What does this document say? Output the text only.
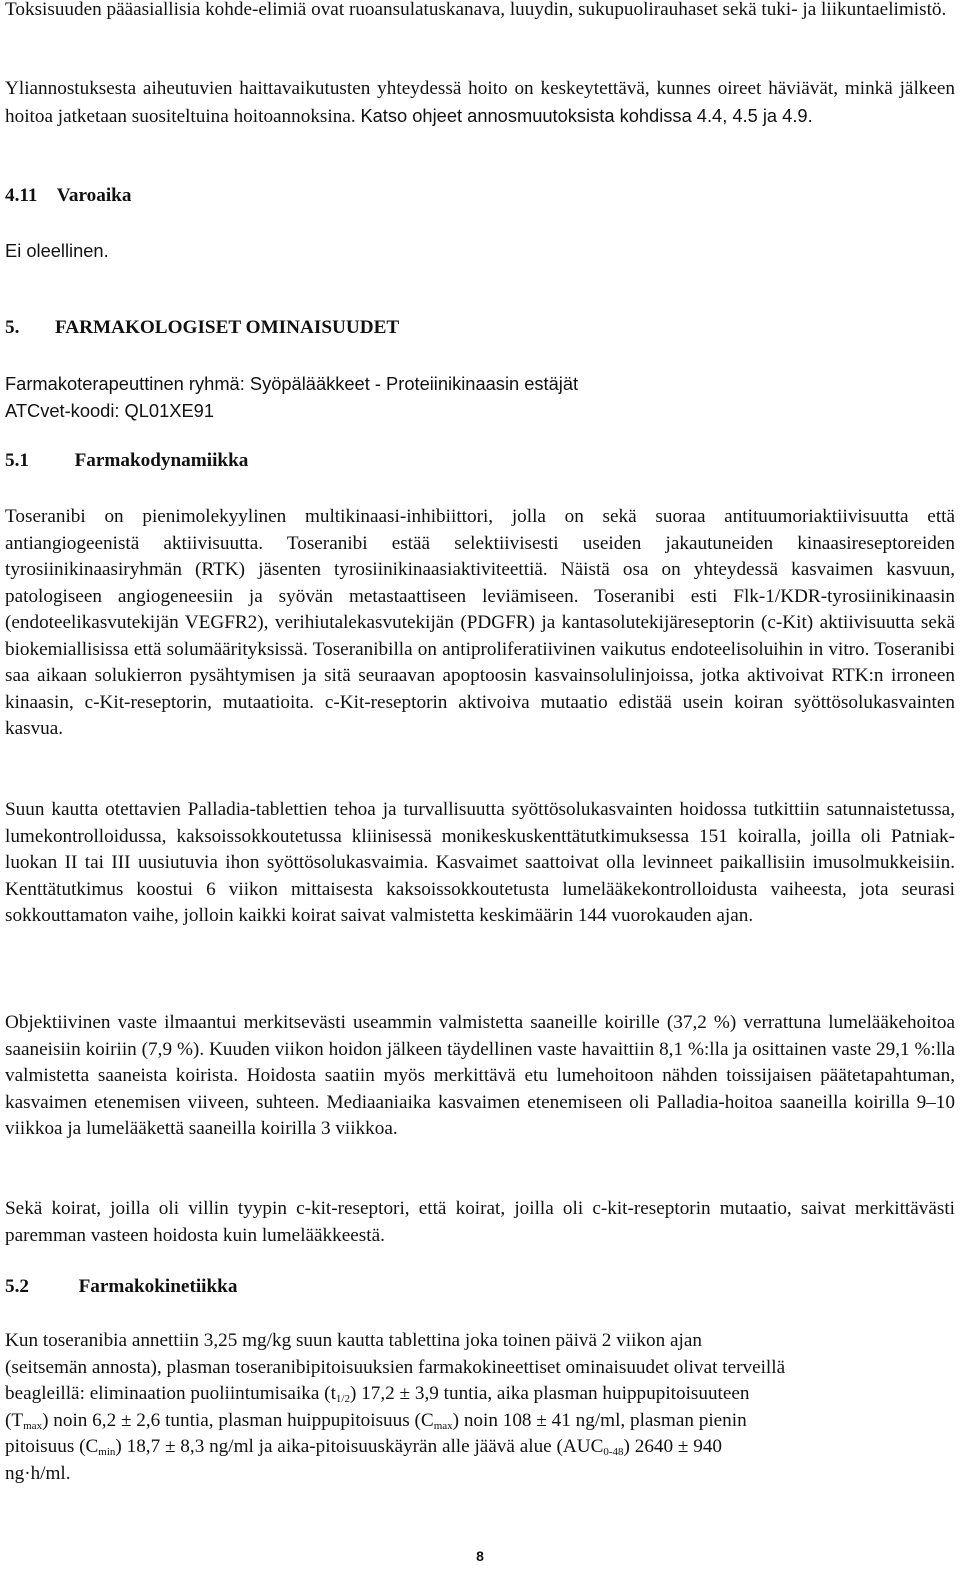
Toksisuuden pääasiallisia kohde-elimiä ovat ruoansulatuskanava, luuydin, sukupuolirauhaset sekä tuki- ja liikuntaelimistö.
Yliannostuksesta aiheutuvien haittavaikutusten yhteydessä hoito on keskeytettävä, kunnes oireet häviävät, minkä jälkeen hoitoa jatketaan suositeltuina hoitoannoksina. Katso ohjeet annosmuutoksista kohdissa 4.4, 4.5 ja 4.9.
4.11 Varoaika
Ei oleellinen.
5. FARMAKOLOGISET OMINAISUUDET
Farmakoterapeuttinen ryhmä: Syöpälääkkeet - Proteiinikinaasin estäjät
ATCvet-koodi: QL01XE91
5.1 Farmakodynamiikka
Toseranibi on pienimolekyylinen multikinaasi-inhibiittori, jolla on sekä suoraa antituumoriaktiivisuutta että antiangiogeenistä aktiivisuutta. Toseranibi estää selektiivisesti useiden jakautuneiden kinaasireseptoreiden tyrosiinikinaasiryhmän (RTK) jäsenten tyrosiinikinaasiaktiviteettiä. Näistä osa on yhteydessä kasvaimen kasvuun, patologiseen angiogeneesiin ja syövän metastaattiseen leviämiseen. Toseranibi esti Flk-1/KDR-tyrosiinikinaasin (endoteelikasvutekijän VEGFR2), verihiutalekasvutekijän (PDGFR) ja kantasolutekijäreseptorin (c-Kit) aktiivisuutta sekä biokemiallisissa että solumäärityksissä. Toseranibilla on antiproliferatiivinen vaikutus endoteelisoluihin in vitro. Toseranibi saa aikaan solukierron pysähtymisen ja sitä seuraavan apoptoosin kasvainsolulinjoissa, jotka aktivoivat RTK:n irroneen kinaasin, c-Kit-reseptorin, mutaatioita. c-Kit-reseptorin aktivoiva mutaatio edistää usein koiran syöttösolukasvainten kasvua.
Suun kautta otettavien Palladia-tablettien tehoa ja turvallisuutta syöttösolukasvainten hoidossa tutkittiin satunnaistetussa, lumekontrolloidussa, kaksoissokkoutetussa kliinisessä monikeskuskenttätutkimuksessa 151 koiralla, joilla oli Patniak-luokan II tai III uusiutuvia ihon syöttösolukasvaimia. Kasvaimet saattoivat olla levinneet paikallisiin imusolmukkeisiin. Kenttätutkimus koostui 6 viikon mittaisesta kaksoissokkoutetusta lumelääkekontrolloidusta vaiheesta, jota seurasi sokkouttamaton vaihe, jolloin kaikki koirat saivat valmistetta keskimäärin 144 vuorokauden ajan.
Objektiivinen vaste ilmaantui merkitsevästi useammin valmistetta saaneille koirille (37,2 %) verrattuna lumelääkehoitoa saaneisiin koiriin (7,9 %). Kuuden viikon hoidon jälkeen täydellinen vaste havaittiin 8,1 %:lla ja osittainen vaste 29,1 %:lla valmistetta saaneista koirista. Hoidosta saatiin myös merkittävä etu lumehoitoon nähden toissijaisen päätetapahtuman, kasvaimen etenemisen viiveen, suhteen. Mediaaniaika kasvaimen etenemiseen oli Palladia-hoitoa saaneilla koirilla 9–10 viikkoa ja lumelääkettä saaneilla koirilla 3 viikkoa.
Sekä koirat, joilla oli villin tyypin c-kit-reseptori, että koirat, joilla oli c-kit-reseptorin mutaatio, saivat merkittävästi paremman vasteen hoidosta kuin lumelääkkeestä.
5.2	Farmakokinetiikka
Kun toseranibia annettiin 3,25 mg/kg suun kautta tablettina joka toinen päivä 2 viikon ajan
(seitsemän annosta), plasman toseranibipitoisuuksien farmakokineettiset ominaisuudet olivat terveillä
beagleillä: eliminaation puoliintumisaika $(t_{1/2}) 17,2 \pm 3,9$ tuntia, aika plasman huippupitoisuuteen
$(T_{max})$ noin 6,2 ± 2,6 tuntia, plasman huippupitoisuus $(C_{max})$ noin 108 ± 41 ng/ml, plasman pienin
pitoisuus $(C_{min}) 18,7 \pm 8,3$ ng/ml ja aika-pitoisuuskäyrän alle jäävä alue $(AUC_{0-48}) 2640 \pm 940$
ng·h/ml.
8
